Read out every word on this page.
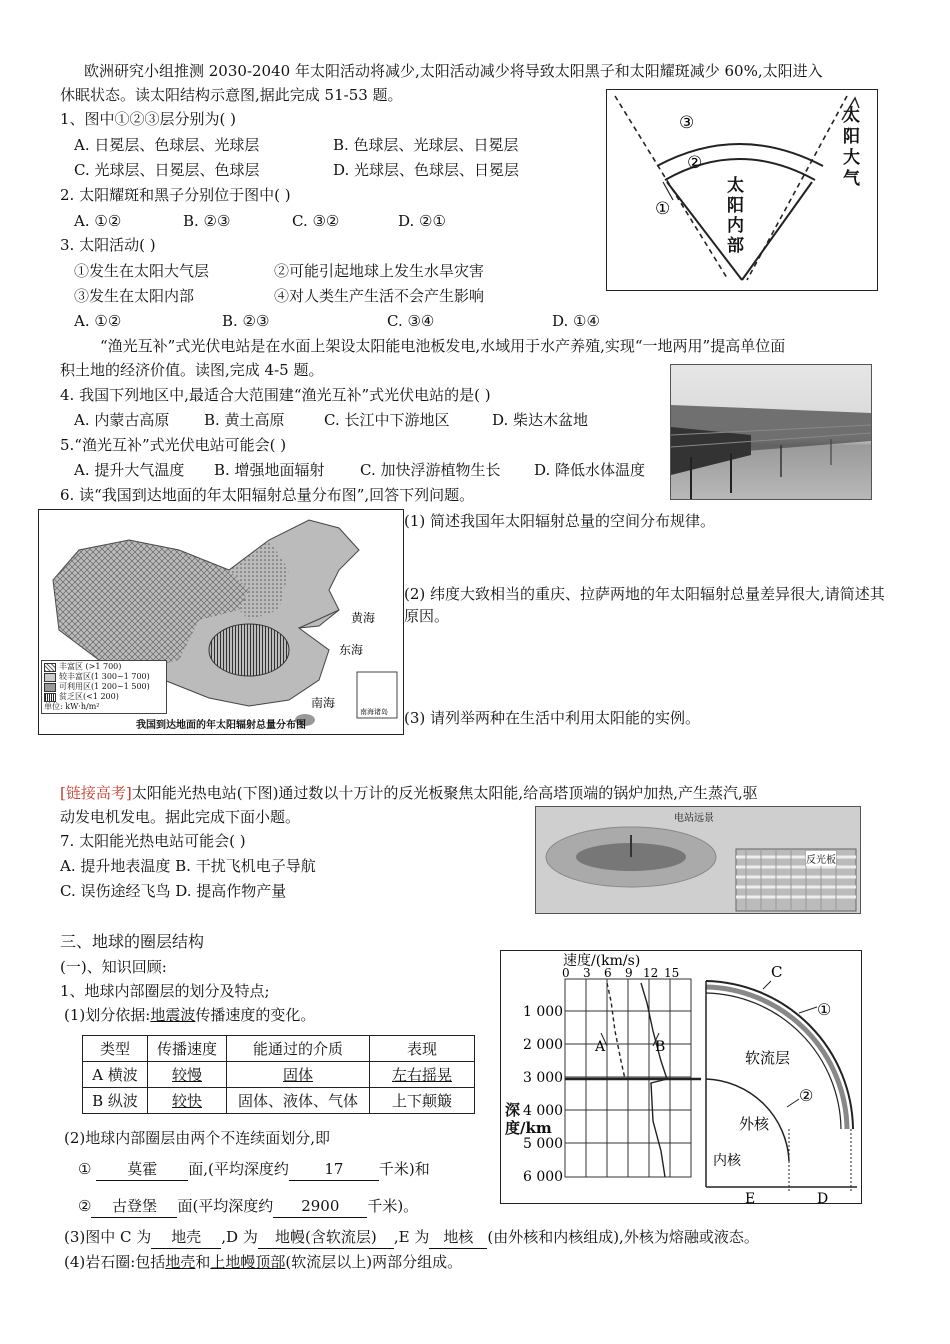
欧洲研究小组推测 2030-2040 年太阳活动将减少,太阳活动减少将导致太阳黑子和太阳耀斑减少 60%,太阳进入
休眠状态。读太阳结构示意图,据此完成 51-53 题。
1、图中①②③层分别为( )
A. 日冕层、色球层、光球层	B. 色球层、光球层、日冕层
C. 光球层、日冕层、色球层	D. 光球层、色球层、日冕层
2. 太阳耀斑和黑子分别位于图中( )
A. ①②	B. ②③	C. ③②	D. ②①
3. 太阳活动( )
①发生在太阳大气层	②可能引起地球上发生水旱灾害
③发生在太阳内部	④对人类生产生活不会产生影响
A. ①②	B. ②③	C. ③④	D. ①④
③
②
①
太阳内部
太阳大气
“渔光互补”式光伏电站是在水面上架设太阳能电池板发电,水域用于水产养殖,实现“一地两用”提高单位面
积土地的经济价值。读图,完成 4-5 题。
4. 我国下列地区中,最适合大范围建“渔光互补”式光伏电站的是( )
A. 内蒙古高原 B. 黄土高原	C. 长江中下游地区	D. 柴达木盆地
5.“渔光互补”式光伏电站可能会( )
A. 提升大气温度 B. 增强地面辐射 C. 加快浮游植物生长 D. 降低水体温度
6. 读“我国到达地面的年太阳辐射总量分布图”,回答下列问题。
黄海
东海
南海
南海诸岛
丰富区 (>1 700)
较丰富区(1 300~1 700)
可利用区(1 200~1 500)
贫乏区(<1 200)
单位: kW·h/m²
我国到达地面的年太阳辐射总量分布图
(1) 简述我国年太阳辐射总量的空间分布规律。
(2) 纬度大致相当的重庆、拉萨两地的年太阳辐射总量差异很大,请简述其原因。
(3) 请列举两种在生活中利用太阳能的实例。
[链接高考]太阳能光热电站(下图)通过数以十万计的反光板聚焦太阳能,给高塔顶端的锅炉加热,产生蒸汽,驱
动发电机发电。据此完成下面小题。	电站远景
反光板
7. 太阳能光热电站可能会( )
A. 提升地表温度 B. 干扰飞机电子导航
C. 误伤途经飞鸟 D. 提高作物产量
三、地球的圈层结构
(一)、知识回顾:
1、地球内部圈层的划分及特点;
(1)划分依据:地震波传播速度的变化。
类型	传播速度	能通过的介质	表现
A 横波	较慢	固体	左右摇晃
B 纵波	较快	固体、液体、气体	上下颠簸
(2)地球内部圈层由两个不连续面划分,即
① 莫霍 面,(平均深度约 17 千米)和
② 古登堡 面(平均深度约 2900 千米)。
(3)图中 C 为 地壳 ,D 为 地幔(含软流层) ,E 为 地核 (由外核和内核组成),外核为熔融或液态。
(4)岩石圈:包括地壳和上地幔顶部(软流层以上)两部分组成。
速度/(km/s)
0 3 6 9 12 15
1 000
2 000
3 000
4 000
5 000
6 000
A	B
C
①
②
软流层
外核
内核
E	D
深度/km
